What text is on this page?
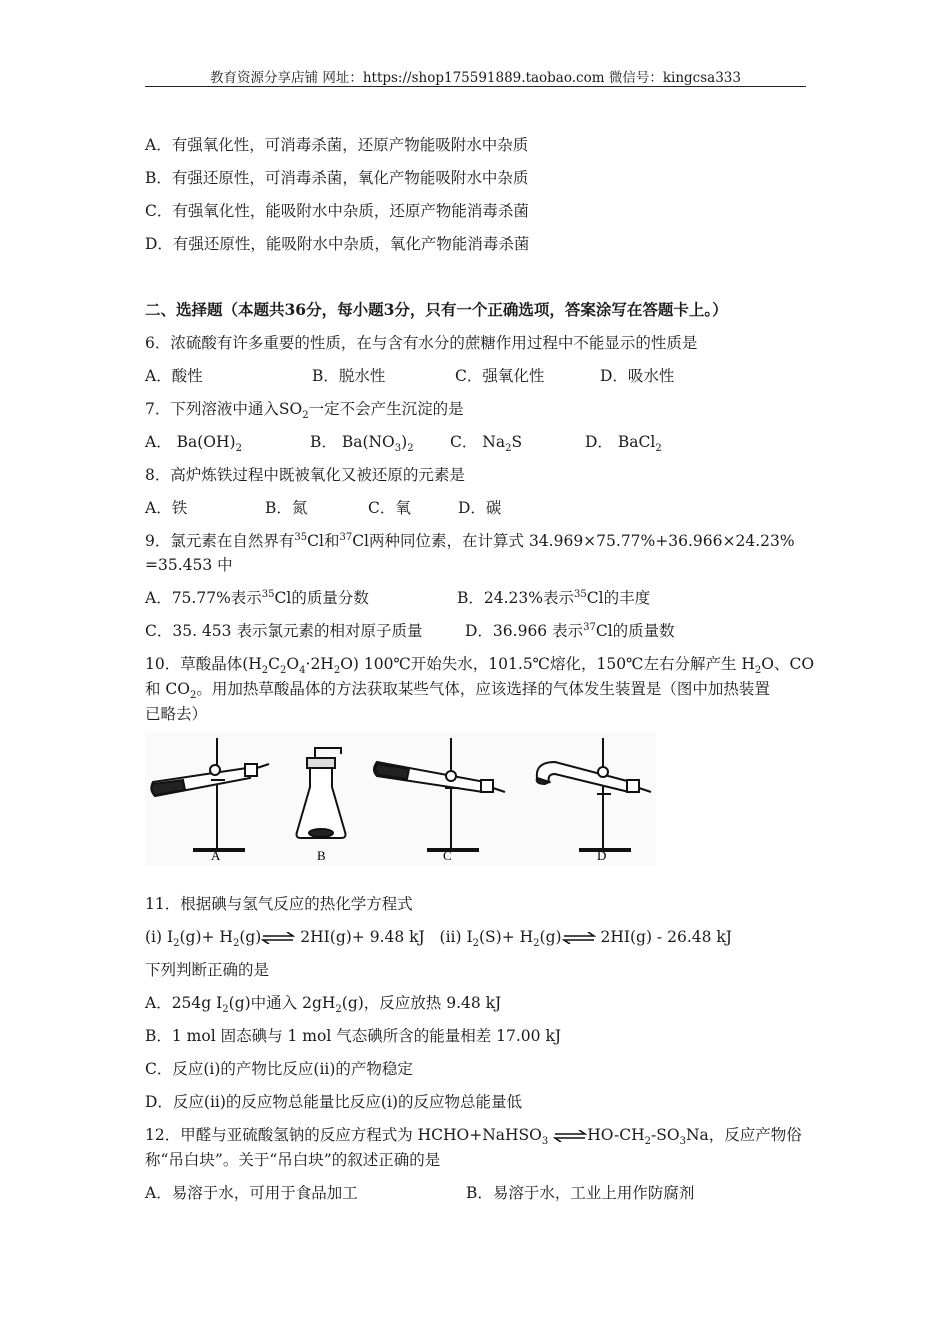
教育资源分享店铺 网址：https://shop175591889.taobao.com 微信号：kingcsa333
A．有强氧化性，可消毒杀菌，还原产物能吸附水中杂质
B．有强还原性，可消毒杀菌，氧化产物能吸附水中杂质
C．有强氧化性，能吸附水中杂质，还原产物能消毒杀菌
D．有强还原性，能吸附水中杂质，氧化产物能消毒杀菌
二、选择题（本题共36分，每小题3分，只有一个正确选项，答案涂写在答题卡上。）
6．浓硫酸有许多重要的性质，在与含有水分的蔗糖作用过程中不能显示的性质是
A．酸性	B．脱水性	C．强氧化性	D．吸水性
7．下列溶液中通入$SO_2$一定不会产生沉淀的是
A． $Ba(OH)_2$	B． $Ba(NO_3)_2$ C． $Na_2S$	D． BaCl$_2$
8．高炉炼铁过程中既被氧化又被还原的元素是
A．铁	B．氮	C．氧	D．碳
9．氯元素在自然界有$^{35}$Cl和$^{37}$Cl两种同位素，在计算式 34.969×75.77%+36.966×24.23%
=35.453 中
A．75.77%表示$^{35}$Cl的质量分数	B．24.23%表示$^{35}$Cl的丰度
C．35. 453 表示氯元素的相对原子质量	D．36.966 表示$^{37}$Cl的质量数
10．草酸晶体$(H_2C_2O_4\cdot 2H_2O)$ 100℃开始失水，101.5℃熔化，150℃左右分解产生 $H_2O$、CO
和 $CO_2$。用加热草酸晶体的方法获取某些气体，应该选择的气体发生装置是（图中加热装置
已略去）
A	B	C	D
11．根据碘与氢气反应的热化学方程式
(i) $I_2(g)+$ $H_2(g)\rightleftharpoons$ 2HI(g)+ 9.48 kJ (ii) $I_2(S)+$ $H_2(g)\rightleftharpoons$ 2HI(g) - 26.48 kJ
下列判断正确的是
A．254g $I_2(g)$中通入 $2gH_2(g)$，反应放热 9.48 kJ
B．1 mol 固态碘与 1 mol 气态碘所含的能量相差 17.00 kJ
C．反应(i)的产物比反应(ii)的产物稳定
D．反应(ii)的反应物总能量比反应(i)的反应物总能量低
12．甲醛与亚硫酸氢钠的反应方程式为 HCHO+NaHSO$_3$ $\rightleftharpoons HO-CH_2-SO_3Na$，反应产物俗
称“吊白块”。关于“吊白块”的叙述正确的是
A．易溶于水，可用于食品加工	B．易溶于水，工业上用作防腐剂
